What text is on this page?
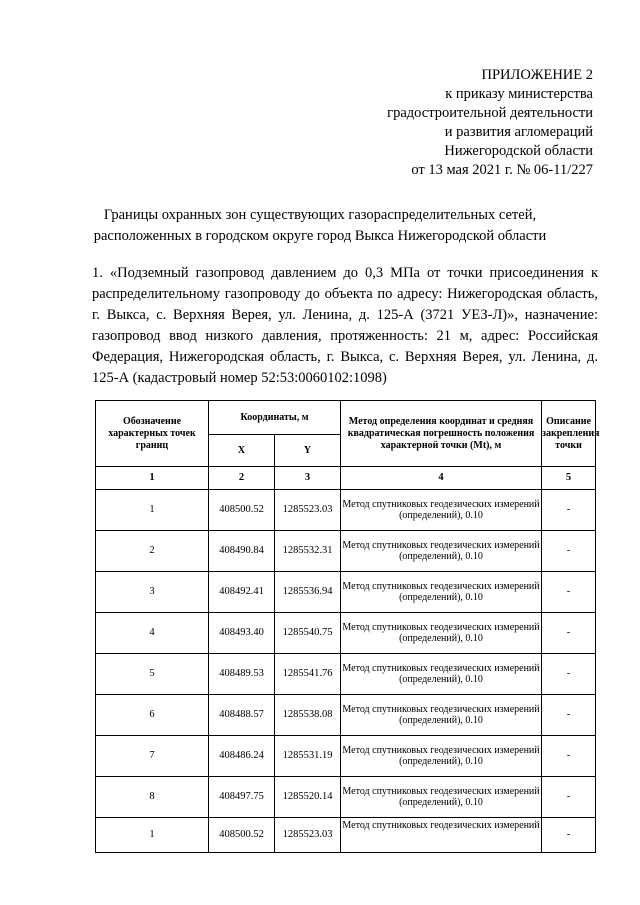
ПРИЛОЖЕНИЕ 2
к приказу министерства
градостроительной деятельности
и развития агломераций
Нижегородской области
от 13 мая 2021 г. № 06-11/227
Границы охранных зон существующих газораспределительных сетей,
расположенных в городском округе город Выкса Нижегородской области
1. «Подземный газопровод давлением до 0,3 МПа от точки присоединения к распределительному газопроводу до объекта по адресу: Нижегородская область, г. Выкса, с. Верхняя Верея, ул. Ленина, д. 125-А (3721 УЕЗ-Л)», назначение: газопровод ввод низкого давления, протяженность: 21 м, адрес: Российская Федерация, Нижегородская область, г. Выкса, с. Верхняя Верея, ул. Ленина, д. 125-А (кадастровый номер 52:53:0060102:1098)
Обозначение характерных точек границ	Координаты, м		Метод определения координат и средняя квадратическая погрешность положения характерной точки (Mt), м	Описание закрепления точки
	X	Y		
1	2	3	4	5
1	408500.52	1285523.03	Метод спутниковых геодезических измерений (определений), 0.10	-
2	408490.84	1285532.31	Метод спутниковых геодезических измерений (определений), 0.10	-
3	408492.41	1285536.94	Метод спутниковых геодезических измерений (определений), 0.10	-
4	408493.40	1285540.75	Метод спутниковых геодезических измерений (определений), 0.10	-
5	408489.53	1285541.76	Метод спутниковых геодезических измерений (определений), 0.10	-
6	408488.57	1285538.08	Метод спутниковых геодезических измерений (определений), 0.10	-
7	408486.24	1285531.19	Метод спутниковых геодезических измерений (определений), 0.10	-
8	408497.75	1285520.14	Метод спутниковых геодезических измерений (определений), 0.10	-
1	408500.52	1285523.03	Метод спутниковых геодезических измерений	-
